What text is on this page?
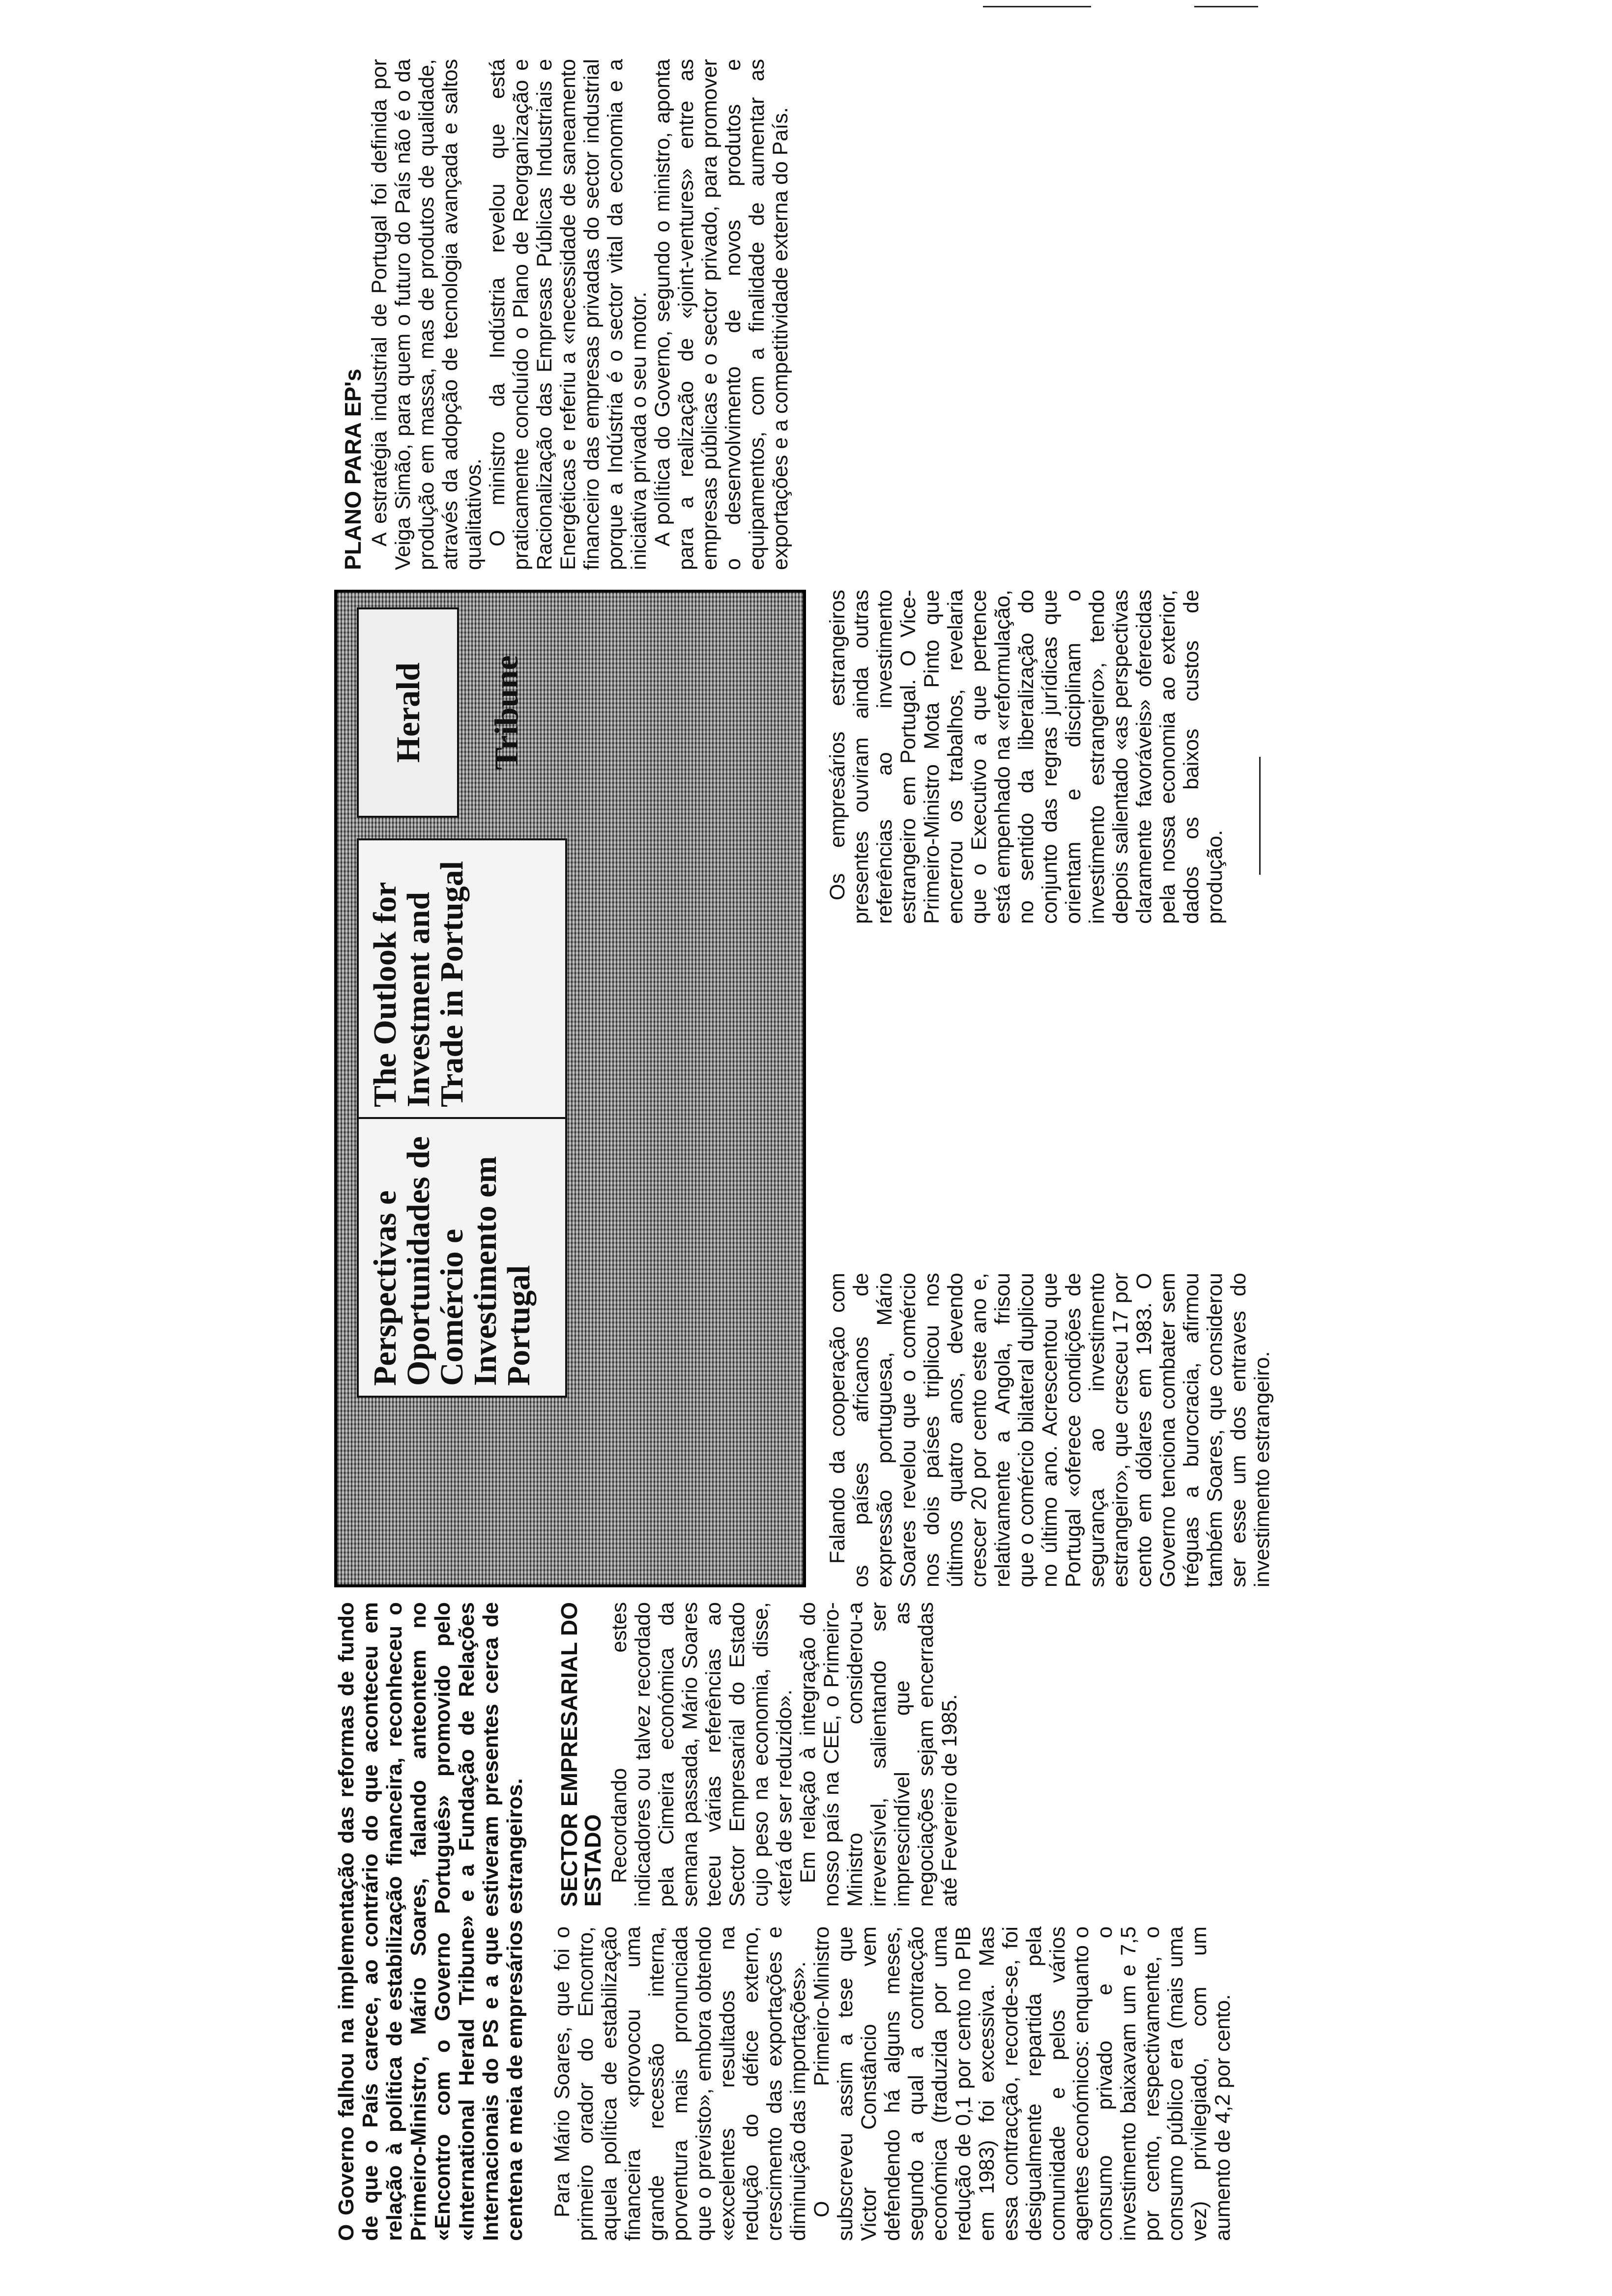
O Governo falhou na implementação das reformas de fundo de que o País carece, ao contrário do que aconteceu em relação à política de estabilização financeira, reconheceu o Primeiro-Ministro, Mário Soares, falando anteontem no «Encontro com o Governo Português» promovido pelo «International Herald Tribune» e a Fundação de Relações Internacionais do PS e a que estiveram presentes cerca de centena e meia de empresários estrangeiros. Para Mário Soares, que foi o primeiro orador do Encontro, aquela política de estabilização financeira «provocou uma grande recessão interna, porventura mais pronunciada que o previsto», embora obtendo «excelentes resultados na redução do défice externo, crescimento das exportações e diminuição das importações». O Primeiro-Ministro subscreveu assim a tese que Victor Constâncio vem defendendo há alguns meses, segundo a qual a contracção económica (traduzida por uma redução de 0,1 por cento no PIB em 1983) foi excessiva. Mas essa contracção, recorde-se, foi desigualmente repartida pela comunidade e pelos vários agentes económicos: enquanto o consumo privado e o investimento baixavam um e 7,5 por cento, respectivamente, o consumo público era (mais uma vez) privilegiado, com um aumento de 4,2 por cento.

SECTOR EMPRESARIAL DO ESTADO Recordando estes indicadores ou talvez recordado pela Cimeira económica da semana passada, Mário Soares teceu várias referências ao Sector Empresarial do Estado cujo peso na economia, disse, «terá de ser reduzido». Em relação à integração do nosso país na CEE, o Primeiro-Ministro considerou-a irreversível, salientando ser imprescindível que as negociações sejam encerradas até Fevereiro de 1985.

Perspectivas e Oportunidades de Comércio e Investimento em Portugal
The Outlook for Investment and Trade in Portugal
Herald Tribune

Falando da cooperação com os países africanos de expressão portuguesa, Mário Soares revelou que o comércio nos dois países triplicou nos últimos quatro anos, devendo crescer 20 por cento este ano e, relativamente a Angola, frisou que o comércio bilateral duplicou no último ano. Acrescentou que Portugal «oferece condições de segurança ao investimento estrangeiro», que cresceu 17 por cento em dólares em 1983. O Governo tenciona combater sem tréguas a burocracia, afirmou também Soares, que considerou ser esse um dos entraves do investimento estrangeiro.

Os empresários estrangeiros presentes ouviram ainda outras referências ao investimento estrangeiro em Portugal. O Vice-Primeiro-Ministro Mota Pinto que encerrou os trabalhos, revelaria que o Executivo a que pertence está empenhado na «reformulação, no sentido da liberalização do conjunto das regras jurídicas que orientam e disciplinam o investimento estrangeiro», tendo depois salientado «as perspectivas claramente favoráveis» oferecidas pela nossa economia ao exterior, dados os baixos custos de produção.

PLANO PARA EP's A estratégia industrial de Portugal foi definida por Veiga Simão, para quem o futuro do País não é o da produção em massa, mas de produtos de qualidade, através da adopção de tecnologia avançada e saltos qualitativos. O ministro da Indústria revelou que está praticamente concluído o Plano de Reorganização e Racionalização das Empresas Públicas Industriais e Energéticas e referiu a «necessidade de saneamento financeiro das empresas privadas do sector industrial porque a Indústria é o sector vital da economia e a iniciativa privada o seu motor. A política do Governo, segundo o ministro, aponta para a realização de «joint-ventures» entre as empresas públicas e o sector privado, para promover o desenvolvimento de novos produtos e equipamentos, com a finalidade de aumentar as exportações e a competitividade externa do País.
